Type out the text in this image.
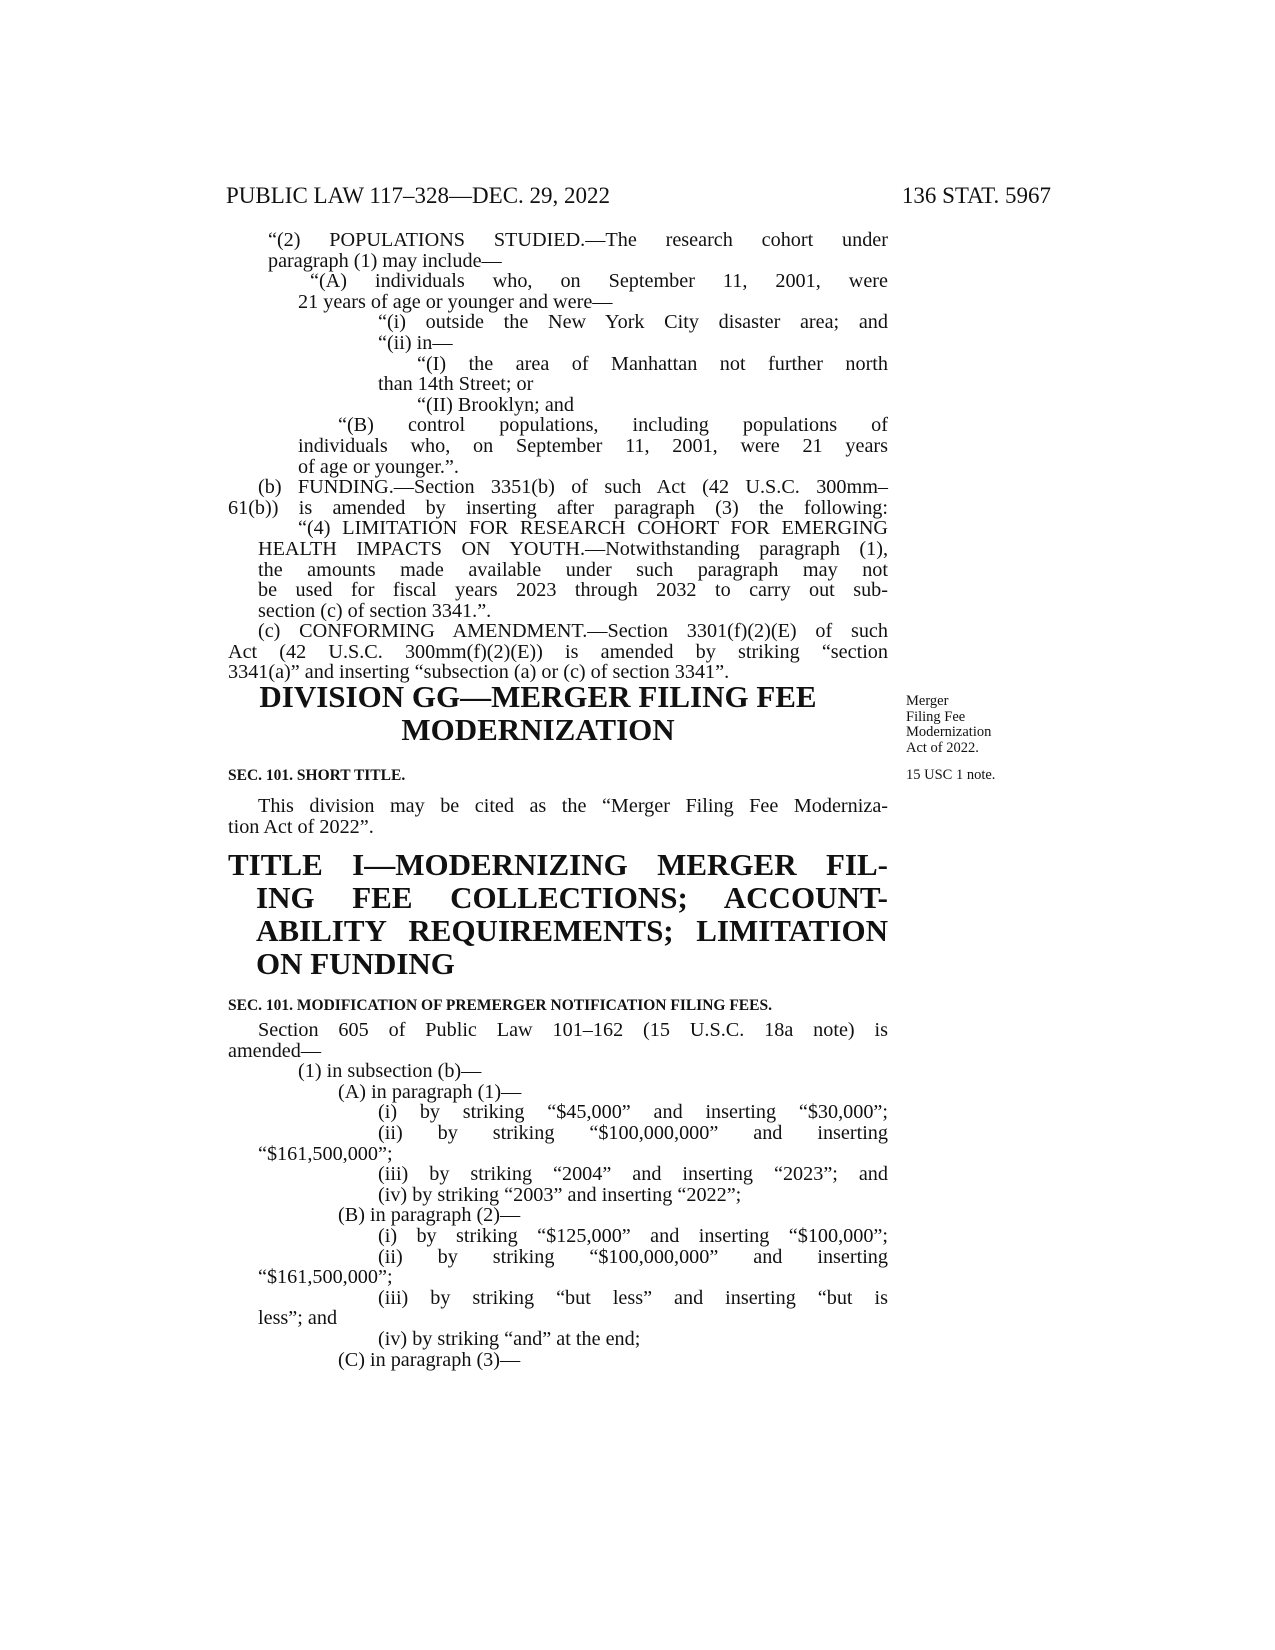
PUBLIC LAW 117–328—DEC. 29, 2022	136 STAT. 5967

“(2) POPULATIONS STUDIED.—The research cohort under

paragraph (1) may include—

“(A) individuals who, on September 11, 2001, were

21 years of age or younger and were—

“(i) outside the New York City disaster area; and

“(ii) in—

“(I) the area of Manhattan not further north

than 14th Street; or

“(II) Brooklyn; and

“(B) control populations, including populations of

individuals who, on September 11, 2001, were 21 years

of age or younger.”.

(b) FUNDING.—Section 3351(b) of such Act (42 U.S.C. 300mm–

61(b)) is amended by inserting after paragraph (3) the following:

“(4) LIMITATION FOR RESEARCH COHORT FOR EMERGING

HEALTH IMPACTS ON YOUTH.—Notwithstanding paragraph (1),

the amounts made available under such paragraph may not

be used for fiscal years 2023 through 2032 to carry out sub-

section (c) of section 3341.”.

(c) CONFORMING AMENDMENT.—Section 3301(f)(2)(E) of such

Act (42 U.S.C. 300mm(f)(2)(E)) is amended by striking “section

3341(a)” and inserting “subsection (a) or (c) of section 3341”.

DIVISION GG—MERGER FILING FEE

MODERNIZATION

SEC. 101. SHORT TITLE.

This division may be cited as the “Merger Filing Fee Moderniza-

tion Act of 2022”.

TITLE I—MODERNIZING MERGER FIL-

ING FEE COLLECTIONS; ACCOUNT-

ABILITY REQUIREMENTS; LIMITATION

ON FUNDING

SEC. 101. MODIFICATION OF PREMERGER NOTIFICATION FILING FEES.

Section 605 of Public Law 101–162 (15 U.S.C. 18a note) is

amended—

(1) in subsection (b)—

(A) in paragraph (1)—

(i) by striking “$45,000” and inserting “$30,000”;

(ii) by striking “$100,000,000” and inserting

“$161,500,000”;

(iii) by striking “2004” and inserting “2023”; and

(iv) by striking “2003” and inserting “2022”;

(B) in paragraph (2)—

(i) by striking “$125,000” and inserting “$100,000”;

(ii) by striking “$100,000,000” and inserting

“$161,500,000”;

(iii) by striking “but less” and inserting “but is

less”; and

(iv) by striking “and” at the end;

(C) in paragraph (3)—

Merger
Filing Fee
Modernization
Act of 2022.
15 USC 1 note.
